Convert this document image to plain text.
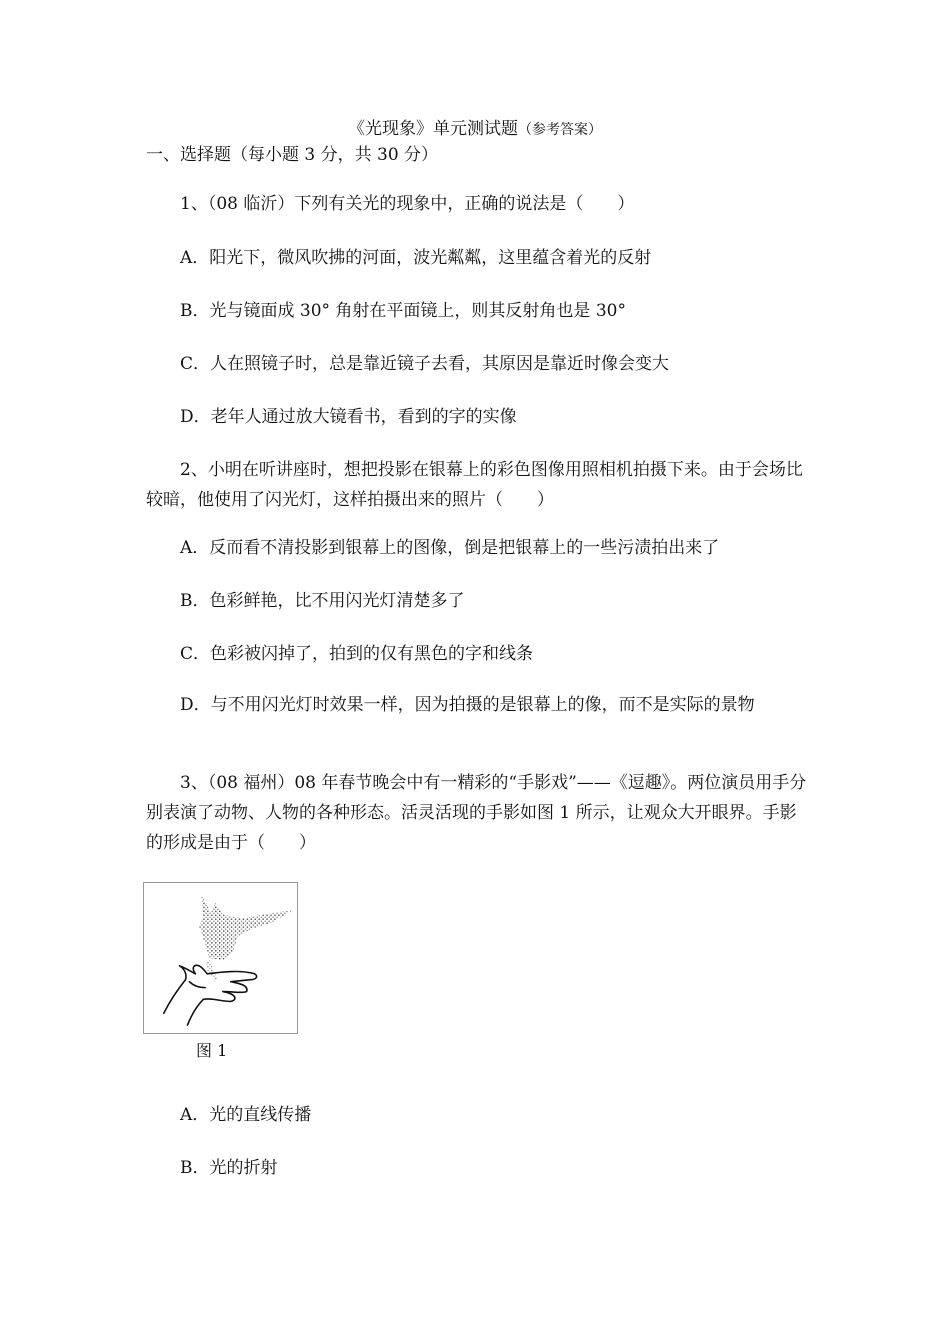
《光现象》单元测试题（参考答案）
一、选择题（每小题 3 分，共 30 分）
1、（08 临沂）下列有关光的现象中，正确的说法是（　　）
A．阳光下，微风吹拂的河面，波光粼粼，这里蕴含着光的反射
B．光与镜面成 30° 角射在平面镜上，则其反射角也是 30°
C．人在照镜子时，总是靠近镜子去看，其原因是靠近时像会变大
D．老年人通过放大镜看书，看到的字的实像
2、小明在听讲座时，想把投影在银幕上的彩色图像用照相机拍摄下来。由于会场比较暗，他使用了闪光灯，这样拍摄出来的照片（　　）
A．反而看不清投影到银幕上的图像，倒是把银幕上的一些污渍拍出来了
B．色彩鲜艳，比不用闪光灯清楚多了
C．色彩被闪掉了，拍到的仅有黑色的字和线条
D．与不用闪光灯时效果一样，因为拍摄的是银幕上的像，而不是实际的景物
3、（08 福州）08 年春节晚会中有一精彩的“手影戏”——《逗趣》。两位演员用手分别表演了动物、人物的各种形态。活灵活现的手影如图 1 所示，让观众大开眼界。手影的形成是由于（　　）
图 1
A．光的直线传播
B．光的折射
